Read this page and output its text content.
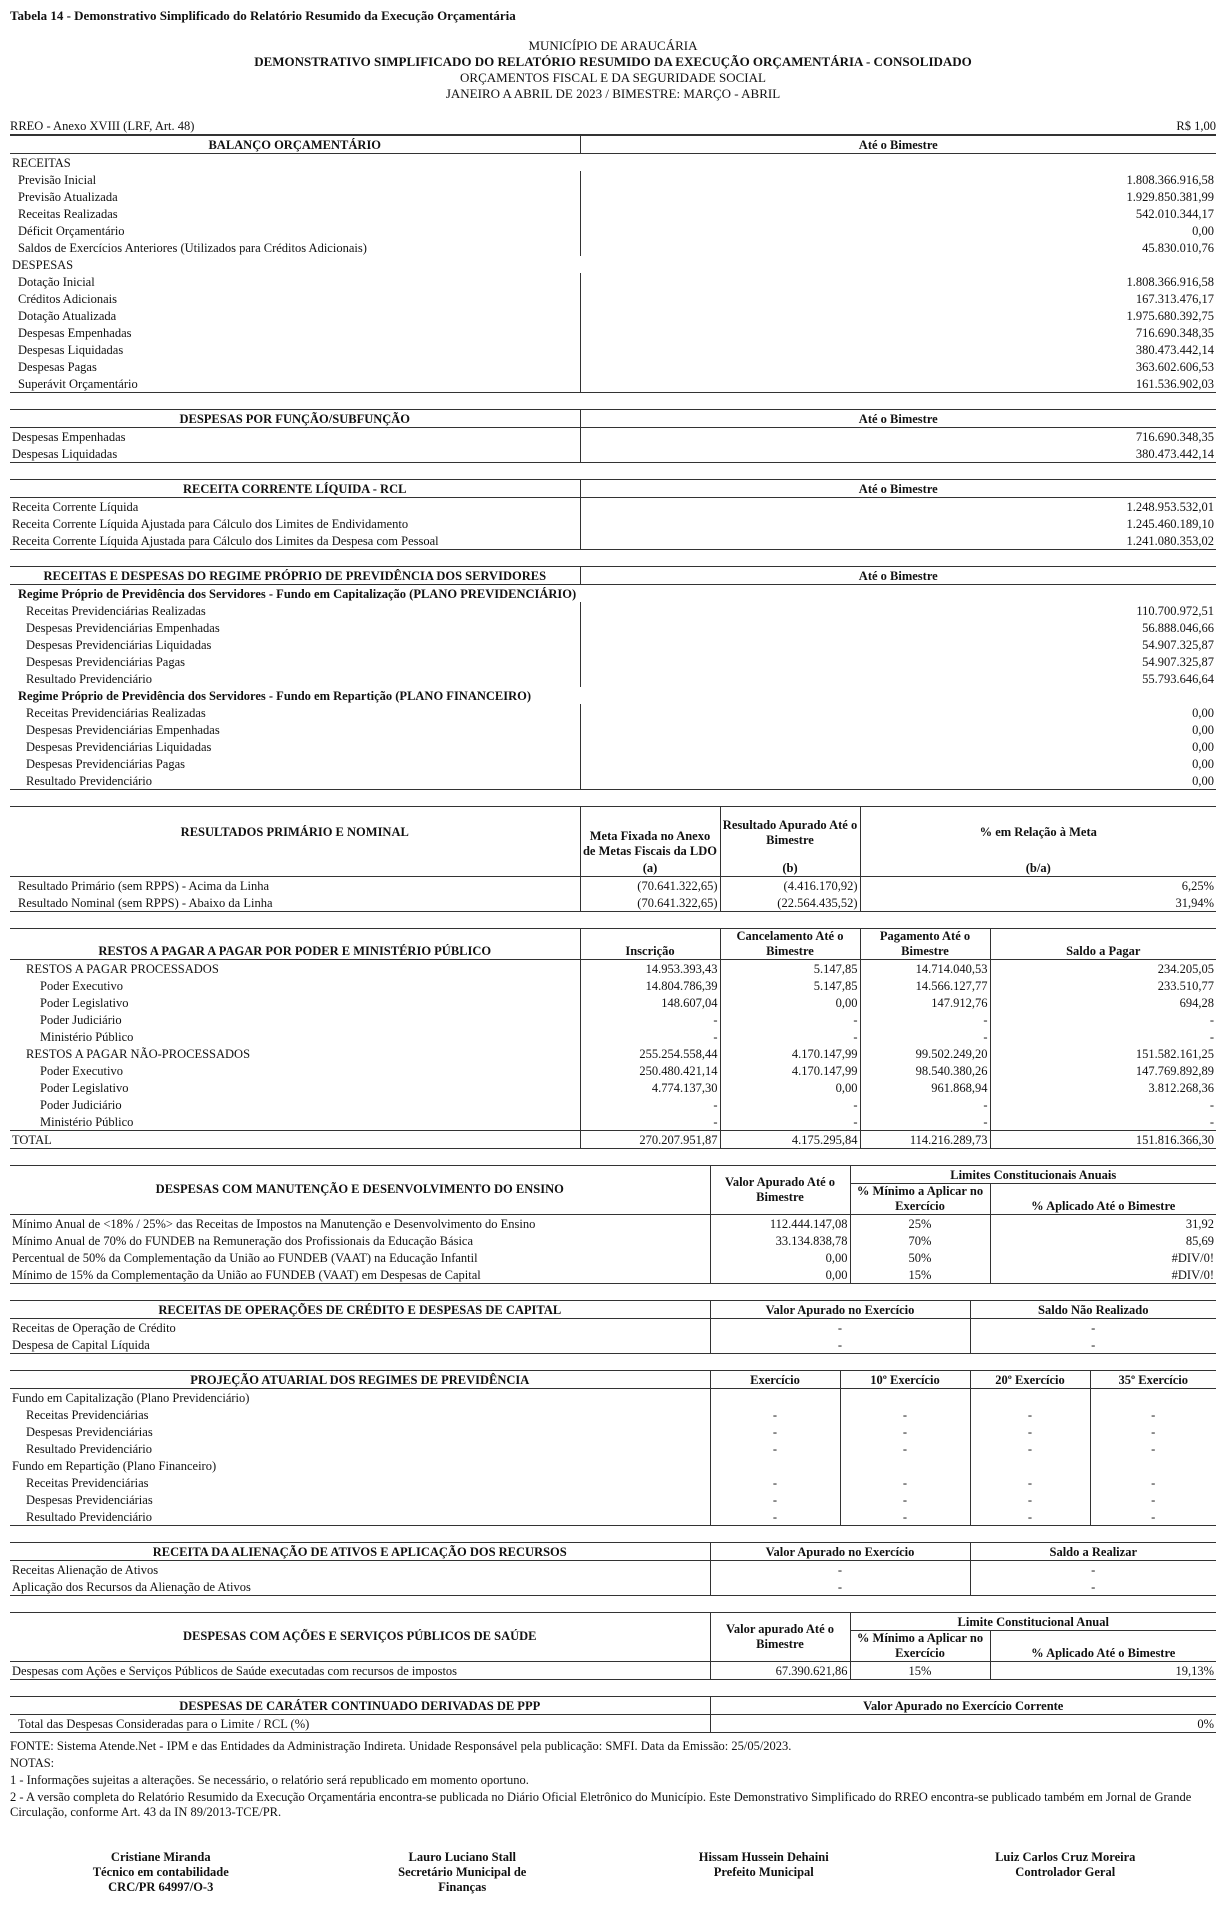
Tabela 14 - Demonstrativo Simplificado do Relatório Resumido da Execução Orçamentária
MUNICÍPIO DE ARAUCÁRIA
DEMONSTRATIVO SIMPLIFICADO DO RELATÓRIO RESUMIDO DA EXECUÇÃO ORÇAMENTÁRIA - CONSOLIDADO
ORÇAMENTOS FISCAL E DA SEGURIDADE SOCIAL
JANEIRO A ABRIL DE 2023 / BIMESTRE: MARÇO - ABRIL
RREO - Anexo XVIII (LRF, Art. 48)	R$ 1,00
BALANÇO ORÇAMENTÁRIO	Até o Bimestre
RECEITAS	
Previsão Inicial	1.808.366.916,58
Previsão Atualizada	1.929.850.381,99
Receitas Realizadas	542.010.344,17
Déficit Orçamentário	0,00
Saldos de Exercícios Anteriores (Utilizados para Créditos Adicionais)	45.830.010,76
DESPESAS	
Dotação Inicial	1.808.366.916,58
Créditos Adicionais	167.313.476,17
Dotação Atualizada	1.975.680.392,75
Despesas Empenhadas	716.690.348,35
Despesas Liquidadas	380.473.442,14
Despesas Pagas	363.602.606,53
Superávit Orçamentário	161.536.902,03
DESPESAS POR FUNÇÃO/SUBFUNÇÃO	Até o Bimestre
Despesas Empenhadas	716.690.348,35
Despesas Liquidadas	380.473.442,14
RECEITA CORRENTE LÍQUIDA - RCL	Até o Bimestre
Receita Corrente Líquida	1.248.953.532,01
Receita Corrente Líquida Ajustada para Cálculo dos Limites de Endividamento	1.245.460.189,10
Receita Corrente Líquida Ajustada para Cálculo dos Limites da Despesa com Pessoal	1.241.080.353,02
RECEITAS E DESPESAS DO REGIME PRÓPRIO DE PREVIDÊNCIA DOS SERVIDORES	Até o Bimestre
Regime Próprio de Previdência dos Servidores - Fundo em Capitalização (PLANO PREVIDENCIÁRIO)	
Receitas Previdenciárias Realizadas	110.700.972,51
Despesas Previdenciárias Empenhadas	56.888.046,66
Despesas Previdenciárias Liquidadas	54.907.325,87
Despesas Previdenciárias Pagas	54.907.325,87
Resultado Previdenciário	55.793.646,64
Regime Próprio de Previdência dos Servidores - Fundo em Repartição (PLANO FINANCEIRO)	
Receitas Previdenciárias Realizadas	0,00
Despesas Previdenciárias Empenhadas	0,00
Despesas Previdenciárias Liquidadas	0,00
Despesas Previdenciárias Pagas	0,00
Resultado Previdenciário	0,00
RESULTADOS PRIMÁRIO E NOMINAL	Meta Fixada no Anexo de Metas Fiscais da LDO	Resultado Apurado Até o Bimestre	% em Relação à Meta
	(a)	(b)	(b/a)
Resultado Primário (sem RPPS) - Acima da Linha	(70.641.322,65)	(4.416.170,92)	6,25%
Resultado Nominal (sem RPPS) - Abaixo da Linha	(70.641.322,65)	(22.564.435,52)	31,94%
RESTOS A PAGAR A PAGAR POR PODER E MINISTÉRIO PÚBLICO	Inscrição	Cancelamento Até o Bimestre	Pagamento Até o Bimestre	Saldo a Pagar
RESTOS A PAGAR PROCESSADOS	14.953.393,43	5.147,85	14.714.040,53	234.205,05
Poder Executivo	14.804.786,39	5.147,85	14.566.127,77	233.510,77
Poder Legislativo	148.607,04	0,00	147.912,76	694,28
Poder Judiciário	-	-	-	-
Ministério Público	-	-	-	-
RESTOS A PAGAR NÃO-PROCESSADOS	255.254.558,44	4.170.147,99	99.502.249,20	151.582.161,25
Poder Executivo	250.480.421,14	4.170.147,99	98.540.380,26	147.769.892,89
Poder Legislativo	4.774.137,30	0,00	961.868,94	3.812.268,36
Poder Judiciário	-	-	-	-
Ministério Público	-	-	-	-
TOTAL	270.207.951,87	4.175.295,84	114.216.289,73	151.816.366,30
DESPESAS COM MANUTENÇÃO E DESENVOLVIMENTO DO ENSINO	Valor Apurado Até o Bimestre	Limites Constitucionais Anuais	
		% Mínimo a Aplicar no Exercício	% Aplicado Até o Bimestre
Mínimo Anual de <18% / 25%> das Receitas de Impostos na Manutenção e Desenvolvimento do Ensino	112.444.147,08	25%	31,92
Mínimo Anual de 70% do FUNDEB na Remuneração dos Profissionais da Educação Básica	33.134.838,78	70%	85,69
Percentual de 50% da Complementação da União ao FUNDEB (VAAT) na Educação Infantil	0,00	50%	#DIV/0!
Mínimo de 15% da Complementação da União ao FUNDEB (VAAT) em Despesas de Capital	0,00	15%	#DIV/0!
RECEITAS DE OPERAÇÕES DE CRÉDITO E DESPESAS DE CAPITAL	Valor Apurado no Exercício	Saldo Não Realizado
Receitas de Operação de Crédito	-	-
Despesa de Capital Líquida	-	-
PROJEÇÃO ATUARIAL DOS REGIMES DE PREVIDÊNCIA	Exercício	10º Exercício	20º Exercício	35º Exercício
Fundo em Capitalização (Plano Previdenciário)				
Receitas Previdenciárias	-	-	-	-
Despesas Previdenciárias	-	-	-	-
Resultado Previdenciário	-	-	-	-
Fundo em Repartição (Plano Financeiro)				
Receitas Previdenciárias	-	-	-	-
Despesas Previdenciárias	-	-	-	-
Resultado Previdenciário	-	-	-	-
RECEITA DA ALIENAÇÃO DE ATIVOS E APLICAÇÃO DOS RECURSOS	Valor Apurado no Exercício	Saldo a Realizar
Receitas Alienação de Ativos	-	-
Aplicação dos Recursos da Alienação de Ativos	-	-
DESPESAS COM AÇÕES E SERVIÇOS PÚBLICOS DE SAÚDE	Valor apurado Até o Bimestre	Limite Constitucional Anual	
		% Mínimo a Aplicar no Exercício	% Aplicado Até o Bimestre
Despesas com Ações e Serviços Públicos de Saúde executadas com recursos de impostos	67.390.621,86	15%	19,13%
DESPESAS DE CARÁTER CONTINUADO DERIVADAS DE PPP	Valor Apurado no Exercício Corrente
Total das Despesas Consideradas para o Limite / RCL (%)	0%

FONTE: Sistema Atende.Net - IPM e das Entidades da Administração Indireta. Unidade Responsável pela publicação: SMFI. Data da Emissão: 25/05/2023.

NOTAS:

1 - Informações sujeitas a alterações. Se necessário, o relatório será republicado em momento oportuno.

2 - A versão completa do Relatório Resumido da Execução Orçamentária encontra-se publicada no Diário Oficial Eletrônico do Município. Este Demonstrativo Simplificado do RREO encontra-se publicado também em Jornal de Grande Circulação, conforme Art. 43 da IN 89/2013-TCE/PR.

Cristiane Miranda
Técnico em contabilidade
CRC/PR 64997/O-3
Lauro Luciano Stall
Secretário Municipal de
Finanças
Hissam Hussein Dehaini
Prefeito Municipal
Luiz Carlos Cruz Moreira
Controlador Geral
